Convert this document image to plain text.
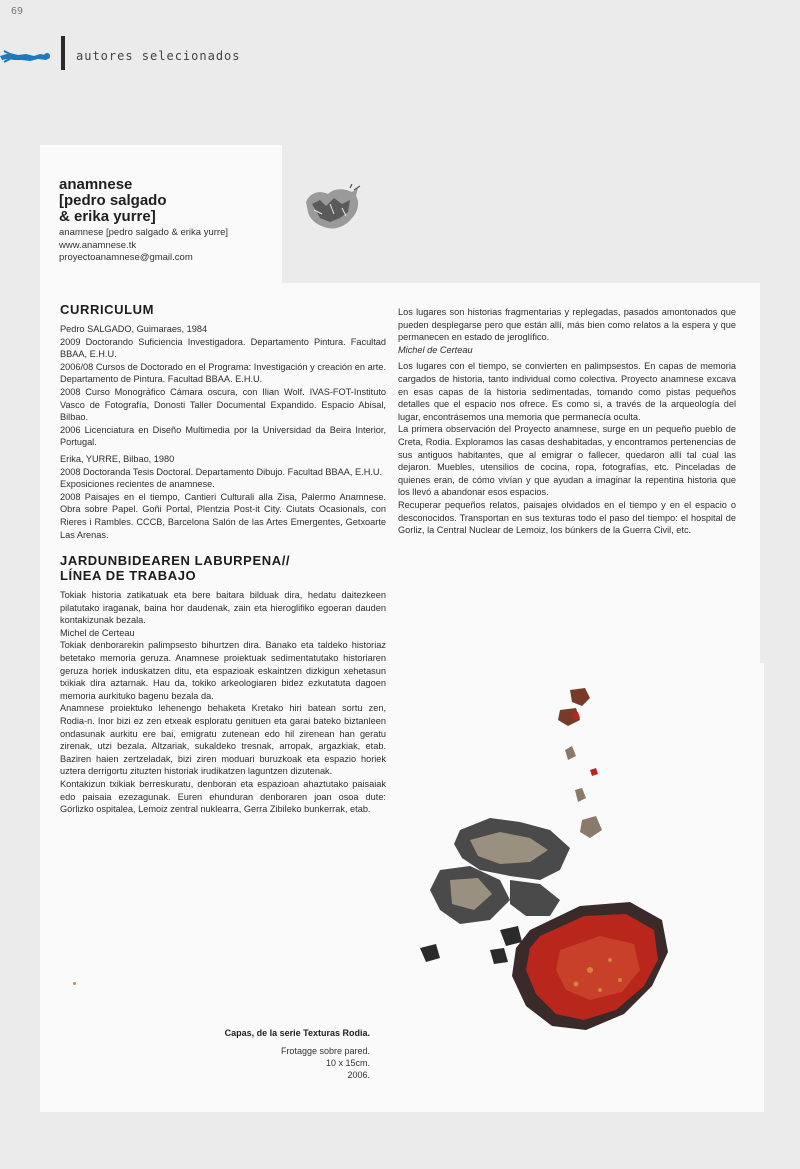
69
autores selecionados
anamnese
[pedro salgado
& erika yurre]
anamnese [pedro salgado & erika yurre]
www.anamnese.tk
proyectoanamnese@gmail.com
CURRICULUM

Pedro SALGADO, Guimaraes, 1984

2009 Doctorando Suficiencia Investigadora. Departamento Pintura. Facultad BBAA, E.H.U.

2006/08 Cursos de Doctorado en el Programa: Investigación y creación en arte. Departamento de Pintura. Facultad BBAA. E.H.U.

2008 Curso Monográfico Cámara oscura, con Ilian Wolf. IVAS-FOT-Instituto Vasco de Fotografía, Donosti Taller Documental Expandido. Espacio Abisal, Bilbao.

2006 Licenciatura en Diseño Multimedia por la Universidad da Beira Interior, Portugal.

Erika, YURRE, Bilbao, 1980

2008 Doctoranda Tesis Doctoral. Departamento Dibujo. Facultad BBAA, E.H.U.

Exposiciones recientes de anamnese.

2008 Paisajes en el tiempo, Cantieri Culturali alla Zisa, Palermo Anamnese. Obra sobre Papel. Goñi Portal, Plentzia Post-it City. Ciutats Ocasionals, con Rieres i Rambles. CCCB, Barcelona Salón de las Artes Emergentes, Getxoarte Las Arenas.

JARDUNBIDEAREN LABURPENA//
LÍNEA DE TRABAJO

Tokiak historia zatikatuak eta bere baitara bilduak dira, hedatu daitezkeen pilatutako iraganak, baina hor daudenak, zain eta hieroglifiko egoeran dauden kontakizunak bezala.

Michel de Certeau

Tokiak denborarekin palimpsesto bihurtzen dira. Banako eta taldeko historiaz betetako memoria geruza. Anamnese proiektuak sedimentatutako historiaren geruza horiek induskatzen ditu, eta espazioak eskaintzen dizkigun xehetasun txikiak dira aztarnak. Hau da, tokiko arkeologiaren bidez ezkutatuta dagoen memoria aurkituko bagenu bezala da.

Anamnese proiektuko lehenengo behaketa Kretako hiri batean sortu zen, Rodia-n. Inor bizi ez zen etxeak esploratu genituen eta garai bateko biztanleen ondasunak aurkitu ere bai, emigratu zutenean edo hil zirenean han geratu zirenak, utzi bezala. Altzariak, sukaldeko tresnak, arropak, argazkiak, etab. Baziren haien zertzeladak, bizi ziren moduari buruzkoak eta espazio horiek uztera derrigortu zituzten historiak irudikatzen laguntzen dizutenak.

Kontakizun txikiak berreskuratu, denboran eta espazioan ahaztutako paisaiak edo paisaia ezezagunak. Euren ehunduran denboraren joan osoa dute: Gorlizko ospitalea, Lemoiz zentral nuklearra, Gerra Zibileko bunkerrak, etab.

Los lugares son historias fragmentarias y replegadas, pasados amontonados que pueden desplegarse pero que están allí, más bien como relatos a la espera y que permanecen en estado de jeroglífico.

Michel de Certeau

Los lugares con el tiempo, se convierten en palimpsestos. En capas de memoria cargados de historia, tanto individual como colectiva. Proyecto anamnese excava en esas capas de la historia sedimentadas, tomando como pistas pequeños detalles que el espacio nos ofrece. Es como si, a través de la arqueología del lugar, encontrásemos una memoria que permanecía oculta.

La primera observación del Proyecto anamnese, surge en un pequeño pueblo de Creta, Rodia. Exploramos las casas deshabitadas, y encontramos pertenencias de sus antiguos habitantes, que al emigrar o fallecer, quedaron allí tal cual las dejaron. Muebles, utensilios de cocina, ropa, fotografías, etc. Pinceladas de quienes eran, de cómo vivían y que ayudan a imaginar la repentina historia que los llevó a abandonar esos espacios.

Recuperar pequeños relatos, paisajes olvidados en el tiempo y en el espacio o desconocidos. Transportan en sus texturas todo el paso del tiempo: el hospital de Gorliz, la Central Nuclear de Lemoiz, los búnkers de la Guerra Civil, etc.

Capas, de la serie Texturas Rodia.
Frotagge sobre pared.
10 x 15cm.
2006.
